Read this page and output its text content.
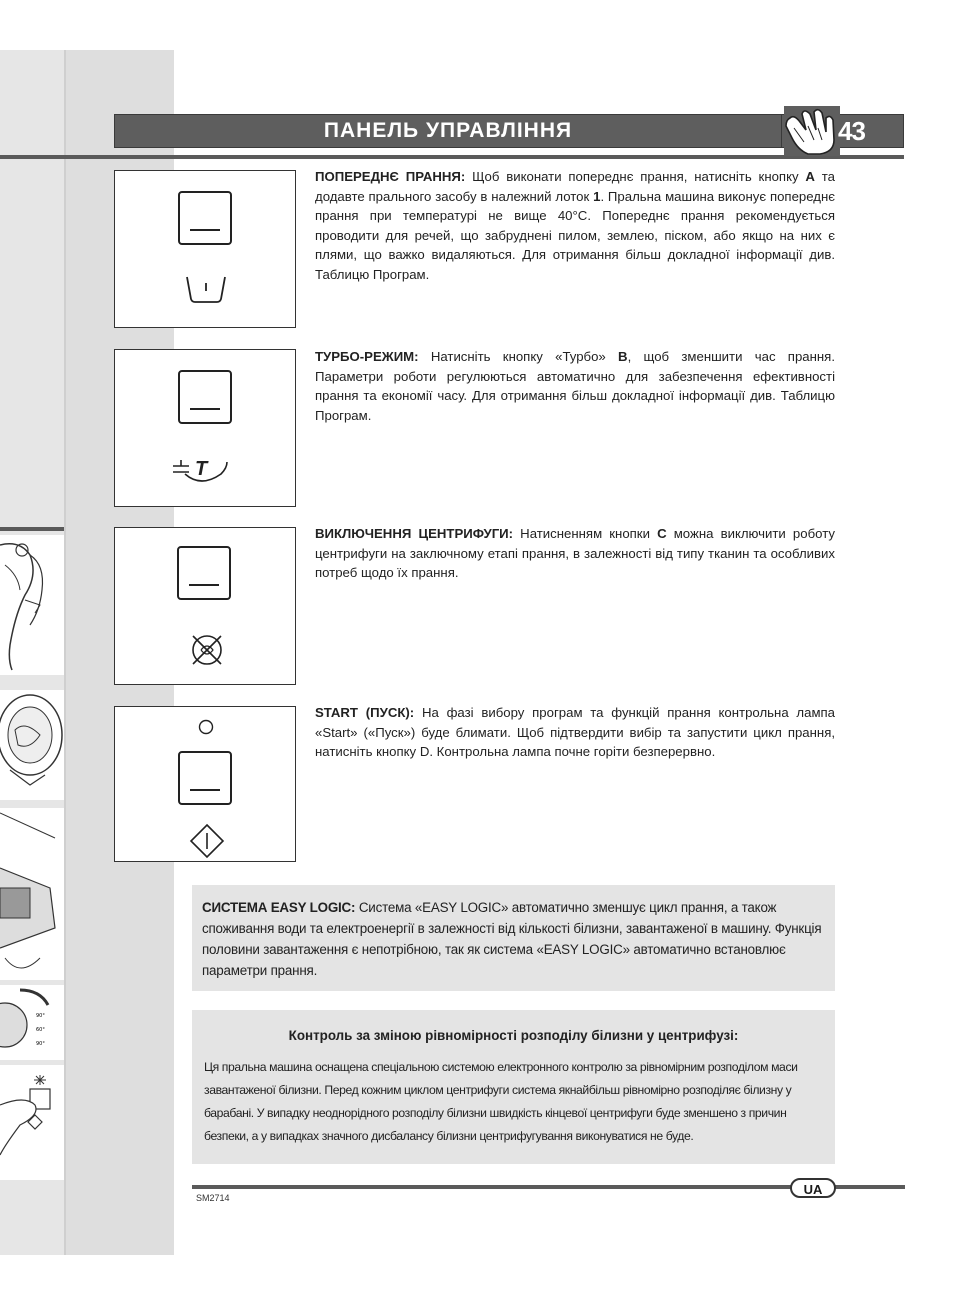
90°
60°
90°
ПАНЕЛЬ УПРАВЛІННЯ	43
ПОПЕРЕДНЄ ПРАННЯ: Щоб виконати попереднє прання, натисніть кнопку A та додавте прального засобу в належний лоток 1. Пральна машина виконує попереднє прання при температурі не вище 40°С. Попереднє прання рекомендується проводити для речей, що забруднені пилом, землею, піском, або якщо на них є плями, що важко видаляються. Для отримання більш докладної інформації див. Таблицю Програм.
T
ТУРБО-РЕЖИМ: Натисніть кнопку «Турбо» B, щоб зменшити час прання. Параметри роботи регулюються автоматично для забезпечення ефективності прання та економії часу. Для отримання більш докладної інформації див. Таблицю Програм.
ВИКЛЮЧЕННЯ ЦЕНТРИФУГИ: Натисненням кнопки C можна виключити роботу центрифуги на заключному етапі прання, в залежності від типу тканин та особливих потреб щодо їх прання.
START (ПУСК): На фазі вибору програм та функцій прання контрольна лампа «Start» («Пуск») буде блимати. Щоб підтвердити вибір та запустити цикл прання, натисніть кнопку D. Контрольна лампа почне горіти безперервно.
СИСТЕМА EASY LOGIC: Система «EASY LOGIC» автоматично зменшує цикл прання, а також споживання води та електроенергії в залежності від кількості білизни, завантаженої в машину. Функція половини завантаження є непотрібною, так як система «EASY LOGIC» автоматично встановлює параметри прання.
Контроль за зміною рівномірності розподілу білизни у центрифузі:
Ця пральна машина оснащена спеціальною системою електронного контролю за рівномірним розподілом маси завантаженої білизни. Перед кожним циклом центрифуги система якнайбільш рівномірно розподіляє білизну у барабані. У випадку неоднорідного розподілу білизни швидкість кінцевої центрифуги буде зменшено з причин безпеки, а у випадках значного дисбалансу білизни центрифугування виконуватися не буде.
SM2714
UA
